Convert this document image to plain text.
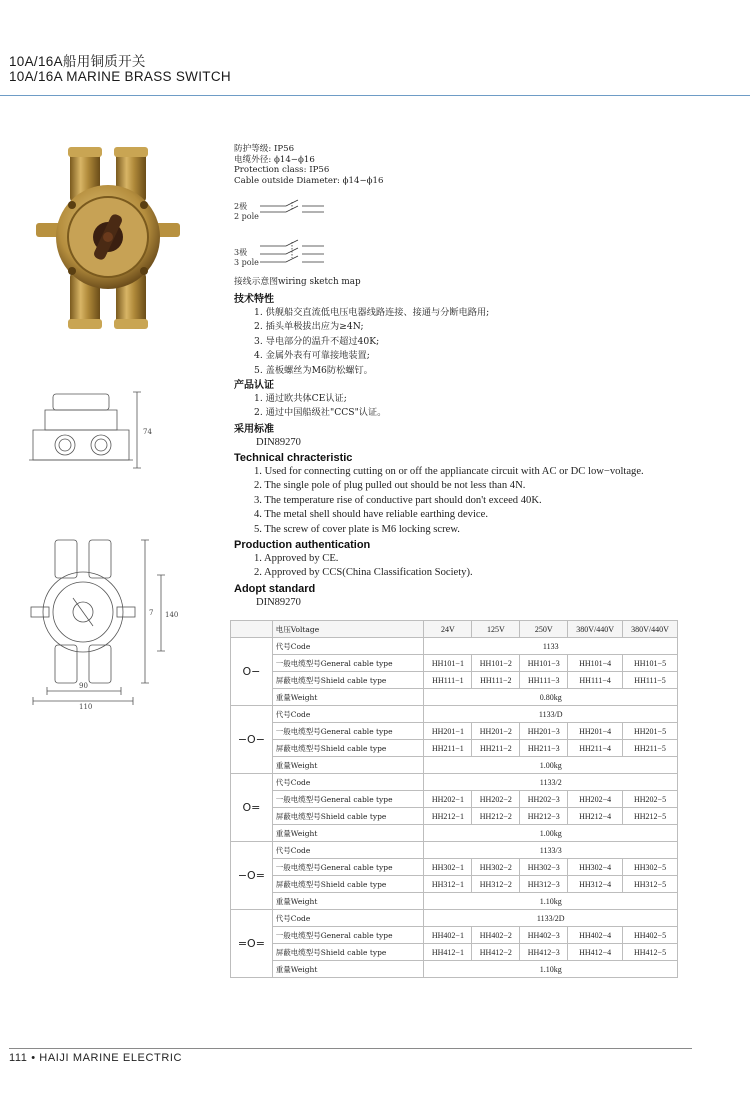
10A/16A船用铜质开关
10A/16A MARINE BRASS SWITCH
74
90
110
7 140
防护等级: IP56
电缆外径: ϕ14−ϕ16
Protection class: IP56
Cable outside Diameter: ϕ14−ϕ16
2极
2 pole
3极
3 pole
接线示意图wiring sketch map
技术特性
1. 供舰船交直流低电压电器线路连接、接通与分断电路用;
2. 插头单极拔出应为≥4N;
3. 导电部分的温升不超过40K;
4. 金属外表有可靠接地装置;
5. 盖板螺丝为M6防松螺钉。
产品认证
1. 通过欧共体CE认证;
2. 通过中国船级社"CCS"认证。
采用标准
DIN89270
Technical chracteristic
1. Used for connecting cutting on or off the appliancate circuit with AC or DC low−voltage.
2. The single pole of plug pulled out should be not less than 4N.
3. The temperature rise of conductive part should don't exceed 40K.
4. The metal shell should have reliable earthing device.
5. The screw of cover plate is M6 locking screw.
Production authentication
1. Approved by CE.
2. Approved by CCS(China Classification Society).
Adopt standard
DIN89270
	电压Voltage	24V	125V	250V	380V/440V	380V/440V
O−	代号Code	1133				
	一般电缆型号General cable type	HH101−1	HH101−2	HH101−3	HH101−4	HH101−5
	屏蔽电缆型号Shield cable type	HH111−1	HH111−2	HH111−3	HH111−4	HH111−5
	重量Weight	0.80kg				
−O−	代号Code	1133/D				
	一般电缆型号General cable type	HH201−1	HH201−2	HH201−3	HH201−4	HH201−5
	屏蔽电缆型号Shield cable type	HH211−1	HH211−2	HH211−3	HH211−4	HH211−5
	重量Weight	1.00kg				
O=	代号Code	1133/2				
	一般电缆型号General cable type	HH202−1	HH202−2	HH202−3	HH202−4	HH202−5
	屏蔽电缆型号Shield cable type	HH212−1	HH212−2	HH212−3	HH212−4	HH212−5
	重量Weight	1.00kg				
−O=	代号Code	1133/3				
	一般电缆型号General cable type	HH302−1	HH302−2	HH302−3	HH302−4	HH302−5
	屏蔽电缆型号Shield cable type	HH312−1	HH312−2	HH312−3	HH312−4	HH312−5
	重量Weight	1.10kg				
=O=	代号Code	1133/2D				
	一般电缆型号General cable type	HH402−1	HH402−2	HH402−3	HH402−4	HH402−5
	屏蔽电缆型号Shield cable type	HH412−1	HH412−2	HH412−3	HH412−4	HH412−5
	重量Weight	1.10kg				
111 • HAIJI MARINE ELECTRIC
